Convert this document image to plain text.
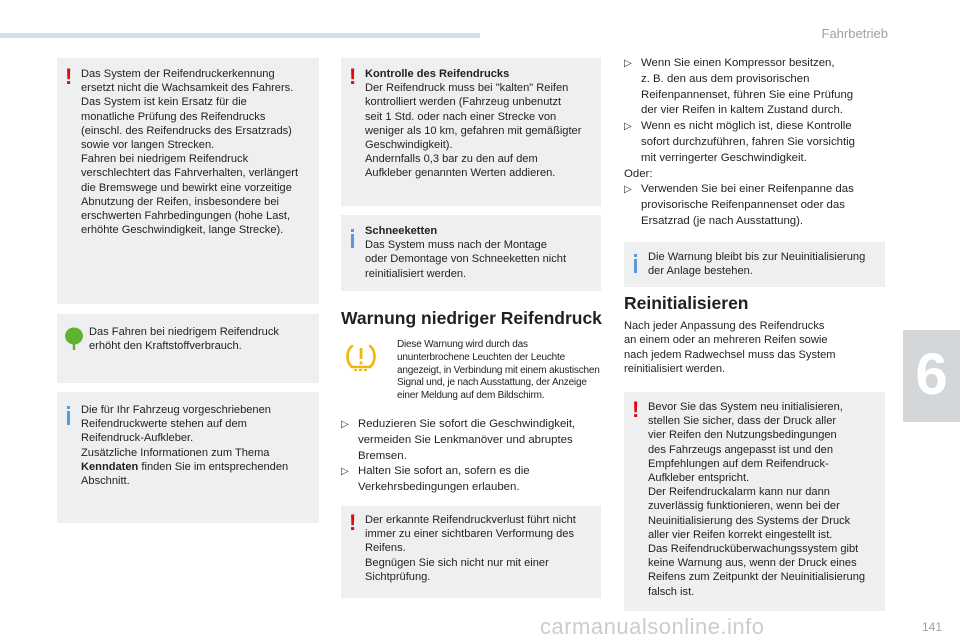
Fahrbetrieb
6
! Das System der Reifendruckerkennung
ersetzt nicht die Wachsamkeit des Fahrers.
Das System ist kein Ersatz für die
monatliche Prüfung des Reifendrucks
(einschl. des Reifendrucks des Ersatzrads)
sowie vor langen Strecken.
Fahren bei niedrigem Reifendruck
verschlechtert das Fahrverhalten, verlängert
die Bremswege und bewirkt eine vorzeitige
Abnutzung der Reifen, insbesondere bei
erschwerten Fahrbedingungen (hohe Last,
erhöhte Geschwindigkeit, lange Strecke).

Das Fahren bei niedrigem Reifendruck
erhöht den Kraftstoffverbrauch.

Die für Ihr Fahrzeug vorgeschriebenen
Reifendruckwerte stehen auf dem
Reifendruck-Aufkleber.
Zusätzliche Informationen zum Thema
Kenndaten finden Sie im entsprechenden
Abschnitt.

! Kontrolle des Reifendrucks

Der Reifendruck muss bei "kalten" Reifen
kontrolliert werden (Fahrzeug unbenutzt
seit 1 Std. oder nach einer Strecke von
weniger als 10 km, gefahren mit gemäßigter
Geschwindigkeit).
Andernfalls 0,3 bar zu den auf dem
Aufkleber genannten Werten addieren.

Schneeketten

Das System muss nach der Montage
oder Demontage von Schneeketten nicht
reinitialisiert werden.

Warnung niedriger Reifendruck
Diese Warnung wird durch das
ununterbrochene Leuchten der Leuchte
angezeigt, in Verbindung mit einem akustischen
Signal und, je nach Ausstattung, der Anzeige
einer Meldung auf dem Bildschirm.
▷ Reduzieren Sie sofort die Geschwindigkeit,
vermeiden Sie Lenkmanöver und abruptes
Bremsen.
▷ Halten Sie sofort an, sofern es die
Verkehrsbedingungen erlauben.
! Der erkannte Reifendruckverlust führt nicht
immer zu einer sichtbaren Verformung des
Reifens.
Begnügen Sie sich nicht nur mit einer
Sichtprüfung.

▷ Wenn Sie einen Kompressor besitzen,
z. B. den aus dem provisorischen
Reifenpannenset, führen Sie eine Prüfung
der vier Reifen in kaltem Zustand durch.
▷ Wenn es nicht möglich ist, diese Kontrolle
sofort durchzuführen, fahren Sie vorsichtig
mit verringerter Geschwindigkeit.
Oder:
▷ Verwenden Sie bei einer Reifenpanne das
provisorische Reifenpannenset oder das
Ersatzrad (je nach Ausstattung).

Die Warnung bleibt bis zur Neuinitialisierung
der Anlage bestehen.

Reinitialisieren
Nach jeder Anpassung des Reifendrucks
an einem oder an mehreren Reifen sowie
nach jedem Radwechsel muss das System
reinitialisiert werden.
! Bevor Sie das System neu initialisieren,
stellen Sie sicher, dass der Druck aller
vier Reifen den Nutzungsbedingungen
des Fahrzeugs angepasst ist und den
Empfehlungen auf dem Reifendruck-
Aufkleber entspricht.
Der Reifendruckalarm kann nur dann
zuverlässig funktionieren, wenn bei der
Neuinitialisierung des Systems der Druck
aller vier Reifen korrekt eingestellt ist.
Das Reifendrucküberwachungssystem gibt
keine Warnung aus, wenn der Druck eines
Reifens zum Zeitpunkt der Neuinitialisierung
falsch ist.

carmanualsonline.info	141
